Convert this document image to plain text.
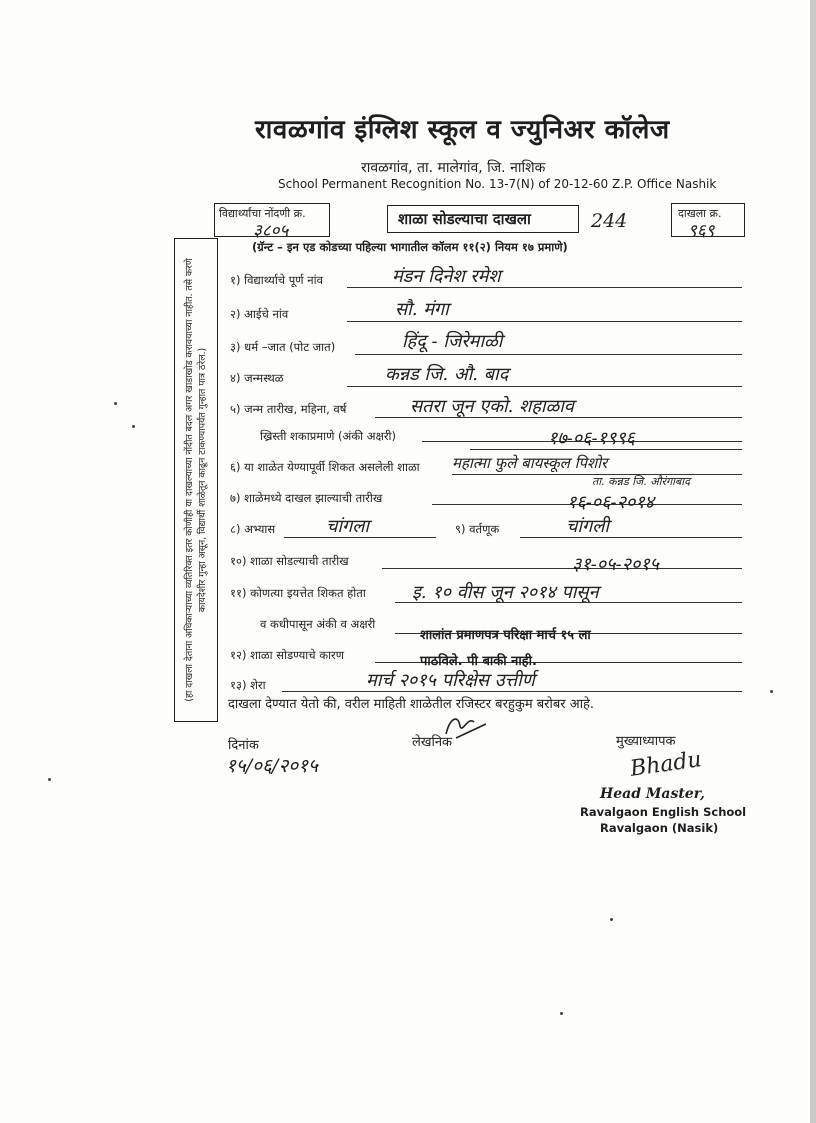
रावळगांव इंग्लिश स्कूल व ज्युनिअर कॉलेज
रावळगांव, ता. मालेगांव, जि. नाशिक
School Permanent Recognition No. 13-7(N) of 20-12-60 Z.P. Office Nashik
विद्यार्थ्यांचा नोंदणी क्र.
३८०५
शाळा सोडल्याचा दाखला	244	दाखला क्र.
९६९
(ग्रॅन्ट – इन एड कोडच्या पहिल्या भागातील कॉलम ११(२) नियम १७ प्रमाणे)
(हा दाखला देताना अधिकाऱ्याच्या व्यतिरिक्त इतर कोणीही या दाखल्याच्या नोंदीत बदल अगर खाडाखोड करावयाच्या नाहीत. तसे करणे कायदेशीर गुन्हा असून, विद्यार्थी शाळेतून काढून टाकण्यापर्यंत गुन्हात पात्र ठरेल.)
१) विद्यार्थ्याचे पूर्ण नांव	मंडन दिनेश रमेश
२) आईचे नांव	सौ. मंगा
३) धर्म –जात (पोट जात)	हिंदू - जिरेमाळी
४) जन्मस्थळ	कन्नड जि. औ. बाद
५) जन्म तारीख, महिना, वर्ष	सतरा जून एको. शहाळाव
ख्रिस्ती शकाप्रमाणे (अंकी अक्षरी)	१७-०६-१९९६
६) या शाळेत येण्यापूर्वी शिकत असलेली शाळा महात्मा फुले बायस्कूल पिशोर
ता. कन्नड जि. औरंगाबाद
७) शाळेमध्ये दाखल झाल्याची तारीख	१६-०६-२०१४
८) अभ्यास	चांगला	९) वर्तणूक	चांगली
१०) शाळा सोडल्याची तारीख	३१-०५-२०१५
११) कोणत्या इयत्तेत शिकत होता	इ. १० वीस जून २०१४ पासून
व कधीपासून अंकी व अक्षरी
शालांत प्रमाणपत्र परिक्षा मार्च १५ ला
१२) शाळा सोडण्याचे कारण	पाठविले. पी बाकी नाही.
१३) शेरा	मार्च २०१५ परिक्षेस उत्तीर्ण
दाखला देण्यात येतो की, वरील माहिती शाळेतील रजिस्टर बरहुकुम बरोबर आहे.
दिनांक
१५/०६/२०१५
लेखनिक	मुख्याध्यापक
Bhadu
Head Master,
Ravalgaon English School
Ravalgaon (Nasik)
